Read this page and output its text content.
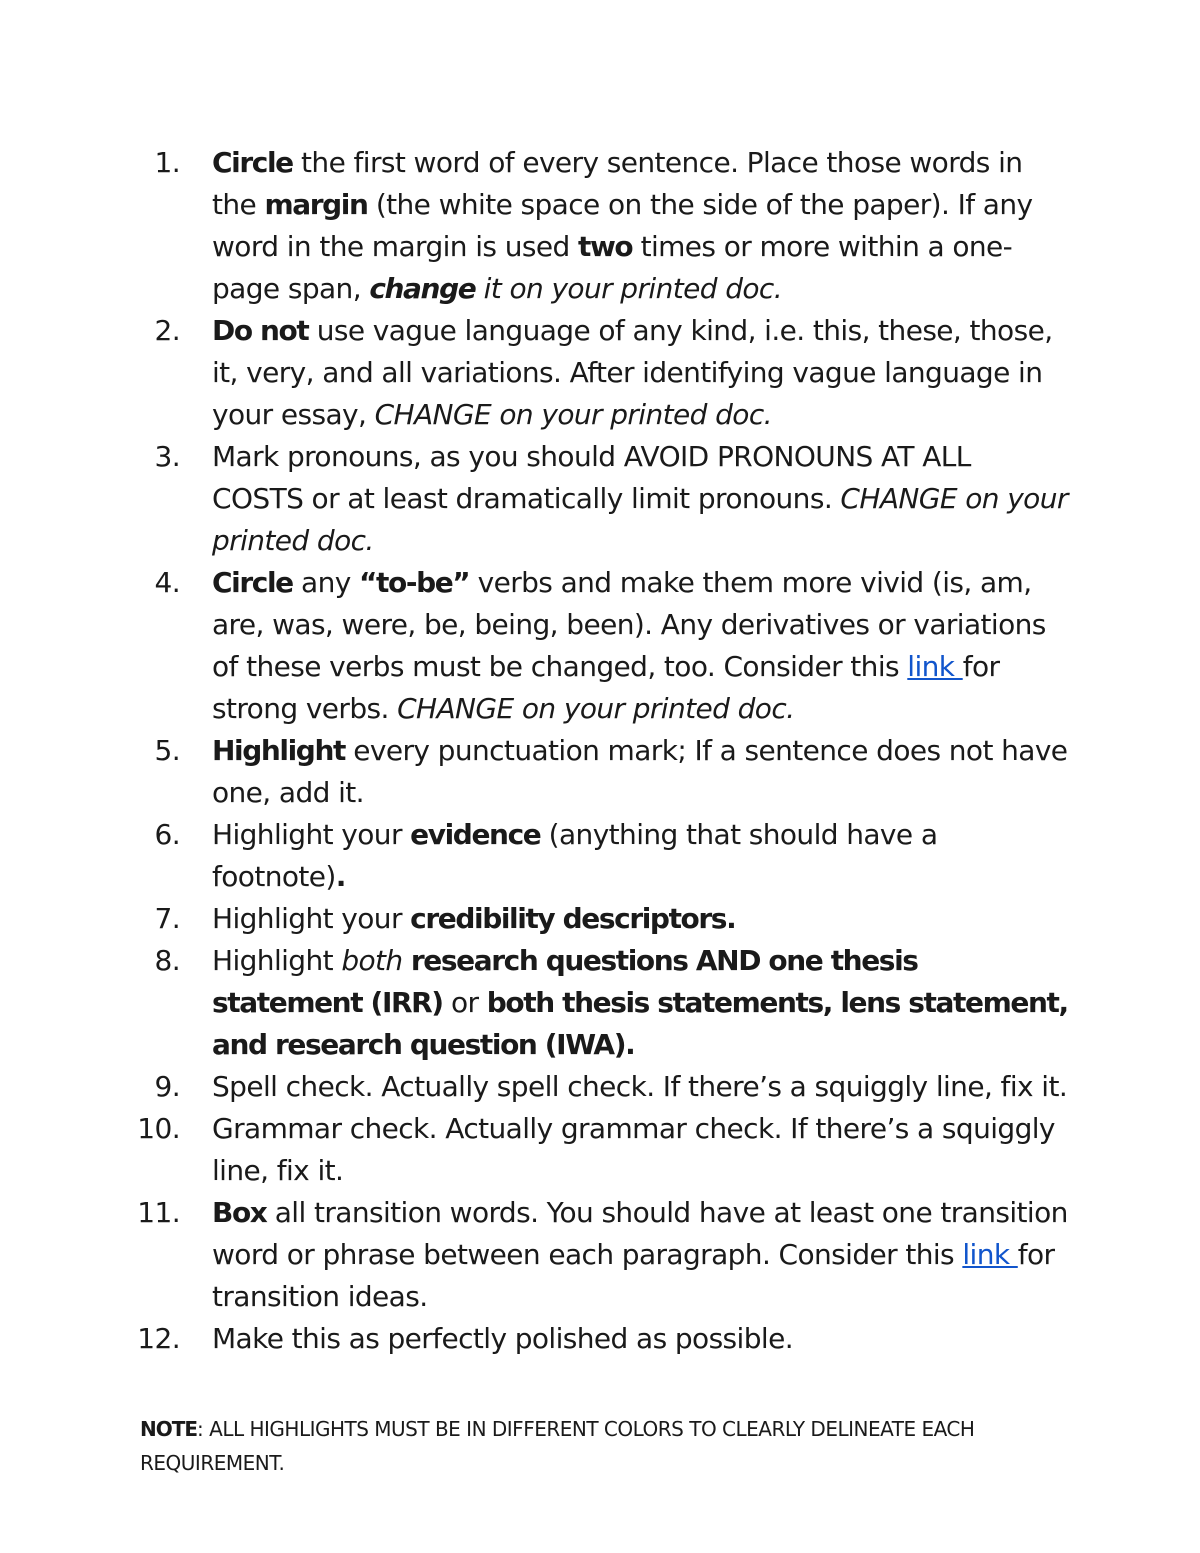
1. Circle the first word of every sentence. Place those words in the margin (the white space on the side of the paper). If any word in the margin is used two times or more within a one-page span, change it on your printed doc.
2. Do not use vague language of any kind, i.e. this, these, those, it, very, and all variations. After identifying vague language in your essay, CHANGE on your printed doc.
3. Mark pronouns, as you should AVOID PRONOUNS AT ALL COSTS or at least dramatically limit pronouns. CHANGE on your printed doc.
4. Circle any “to-be” verbs and make them more vivid (is, am, are, was, were, be, being, been). Any derivatives or variations of these verbs must be changed, too. Consider this link for strong verbs. CHANGE on your printed doc.
5. Highlight every punctuation mark; If a sentence does not have one, add it.
6. Highlight your evidence (anything that should have a footnote).
7. Highlight your credibility descriptors.
8. Highlight both research questions AND one thesis statement (IRR) or both thesis statements, lens statement, and research question (IWA).
9. Spell check. Actually spell check. If there’s a squiggly line, fix it.
10. Grammar check. Actually grammar check. If there’s a squiggly line, fix it.
11. Box all transition words. You should have at least one transition word or phrase between each paragraph. Consider this link for transition ideas.
12. Make this as perfectly polished as possible.
NOTE: ALL HIGHLIGHTS MUST BE IN DIFFERENT COLORS TO CLEARLY DELINEATE EACH REQUIREMENT.
